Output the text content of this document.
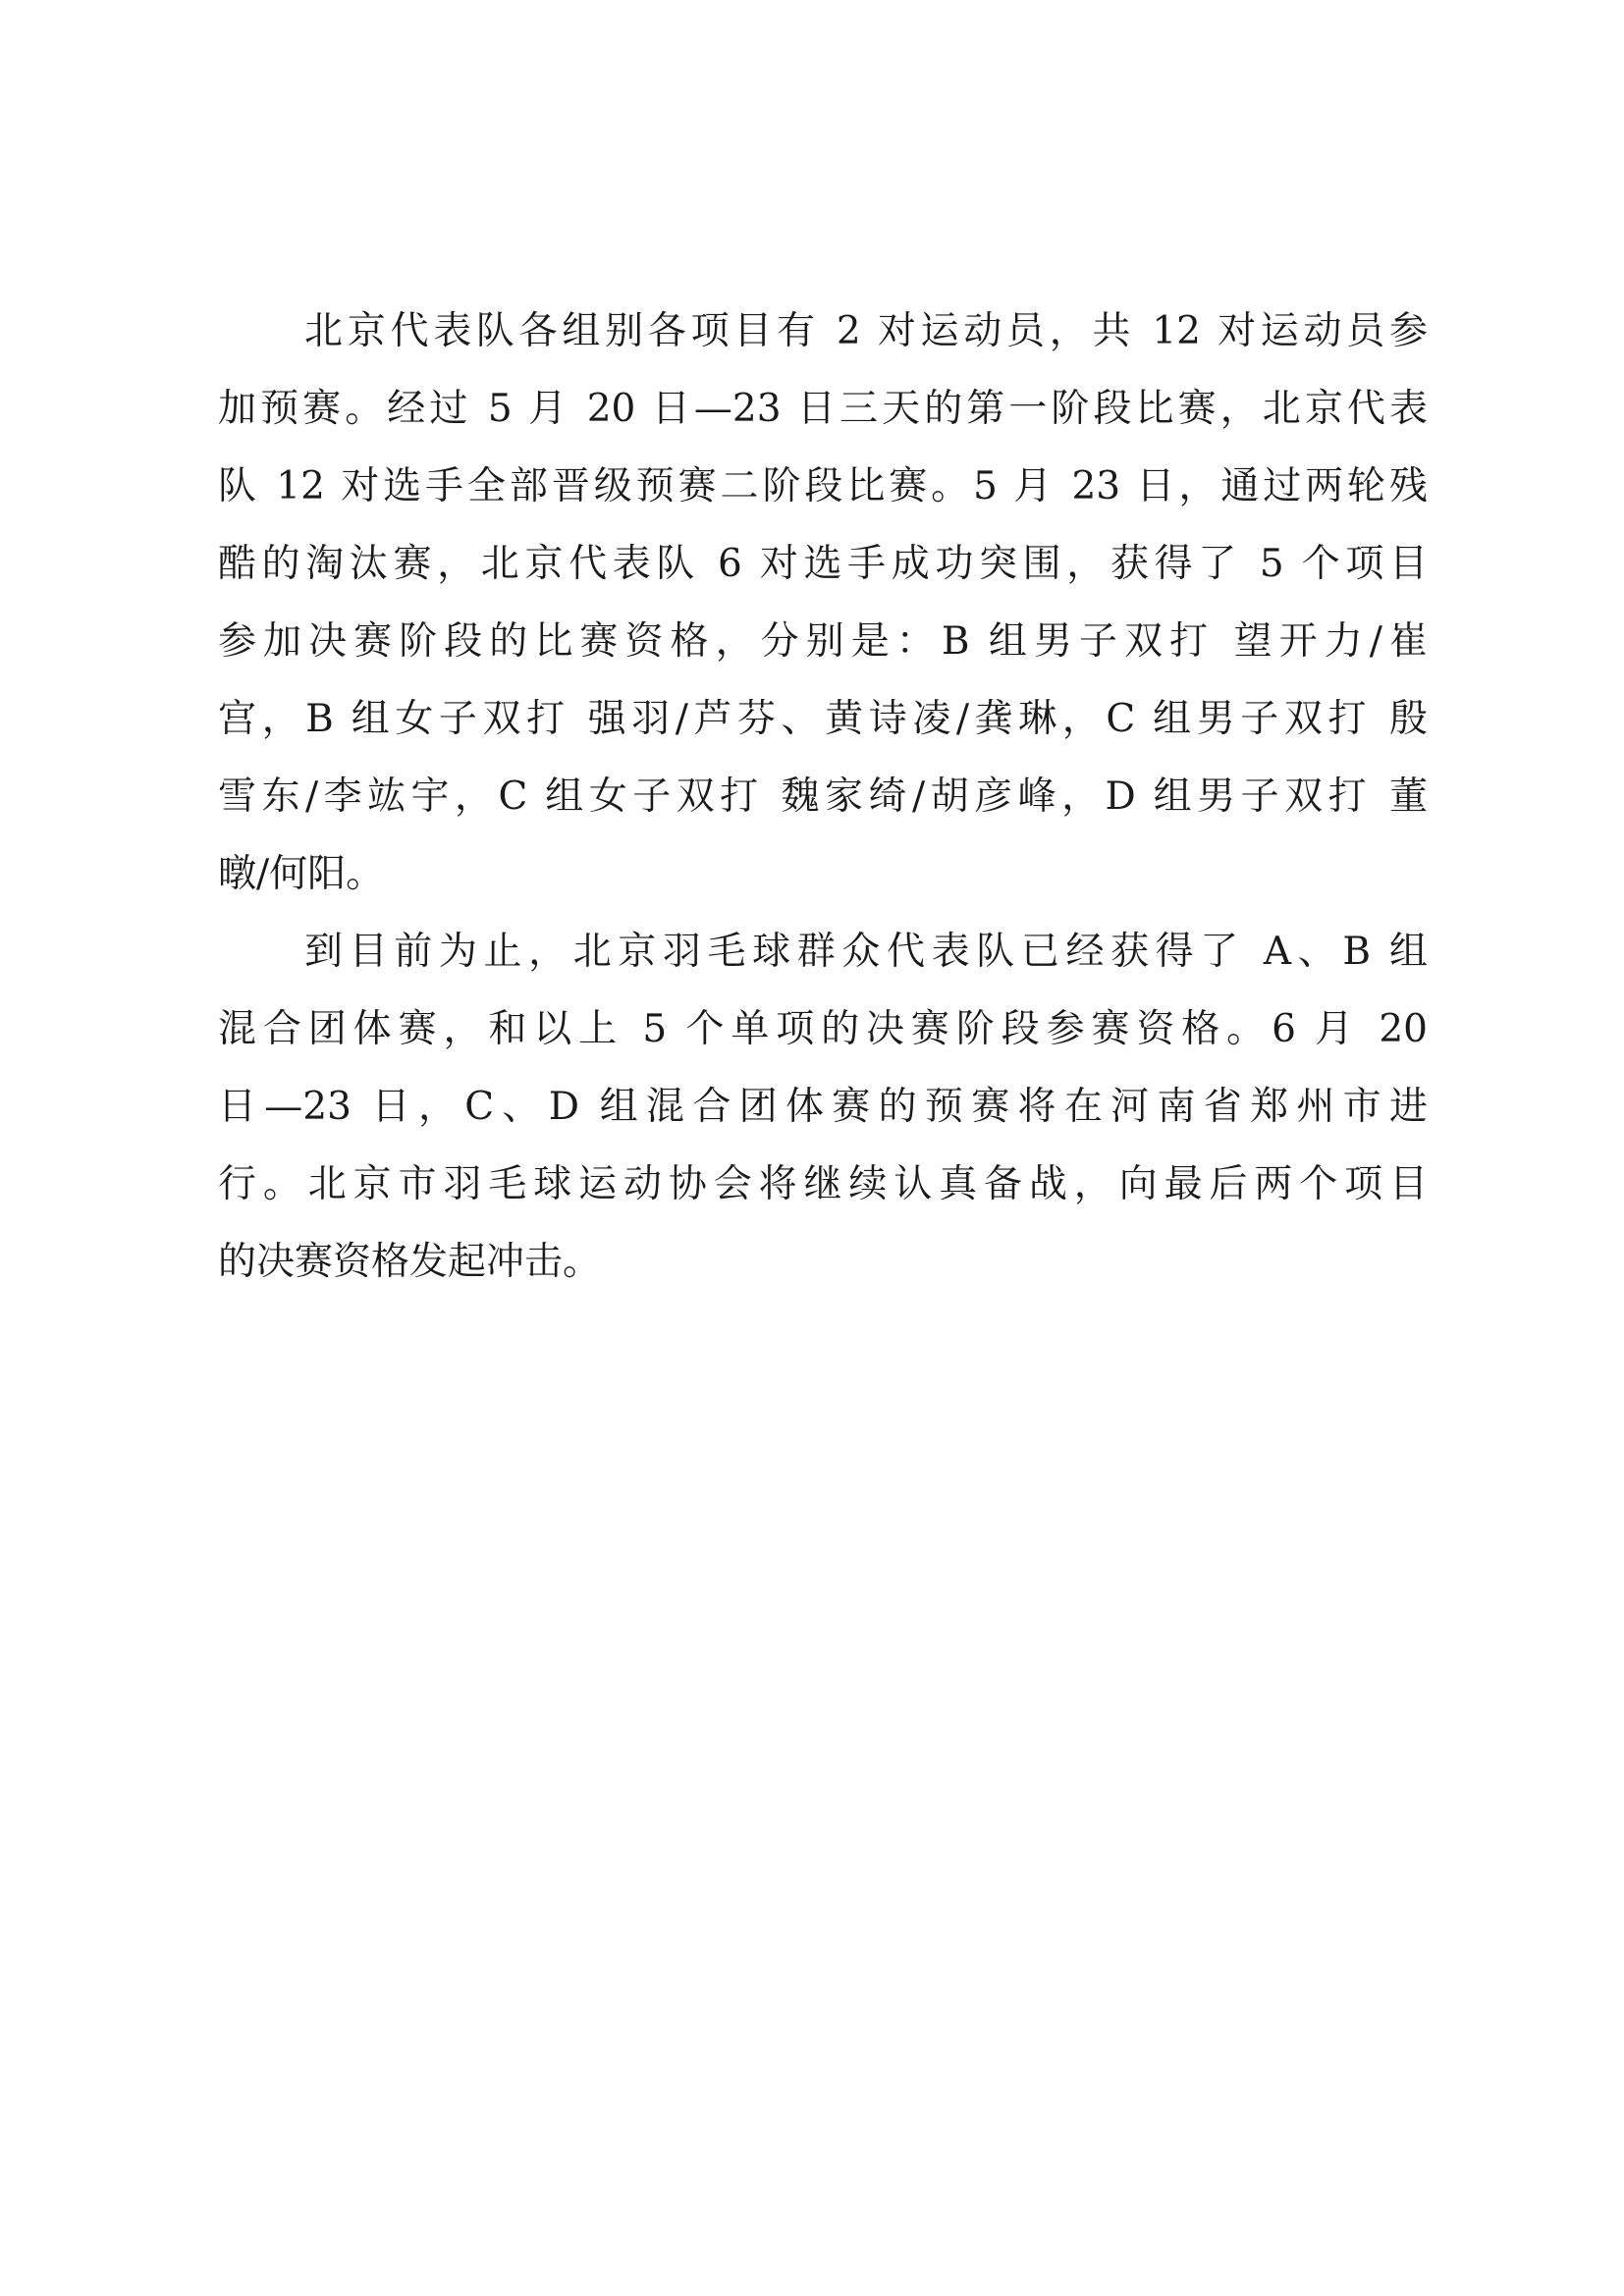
北京代表队各组别各项目有 2 对运动员，共 12 对运动员参
加预赛。经过 5 月 20 日—23 日三天的第一阶段比赛，北京代表
队 12 对选手全部晋级预赛二阶段比赛。5 月 23 日，通过两轮残
酷的淘汰赛，北京代表队 6 对选手成功突围，获得了 5 个项目
参加决赛阶段的比赛资格，分别是：B 组男子双打 望开力/崔
宫，B 组女子双打 强羽/芦芬、黄诗凌/龚琳，C 组男子双打 殷
雪东/李竑宇，C 组女子双打 魏家绮/胡彦峰，D 组男子双打 董
暾/何阳。
到目前为止，北京羽毛球群众代表队已经获得了 A、B 组
混合团体赛，和以上 5 个单项的决赛阶段参赛资格。6 月 20
日—23 日，C、D 组混合团体赛的预赛将在河南省郑州市进
行。北京市羽毛球运动协会将继续认真备战，向最后两个项目
的决赛资格发起冲击。
